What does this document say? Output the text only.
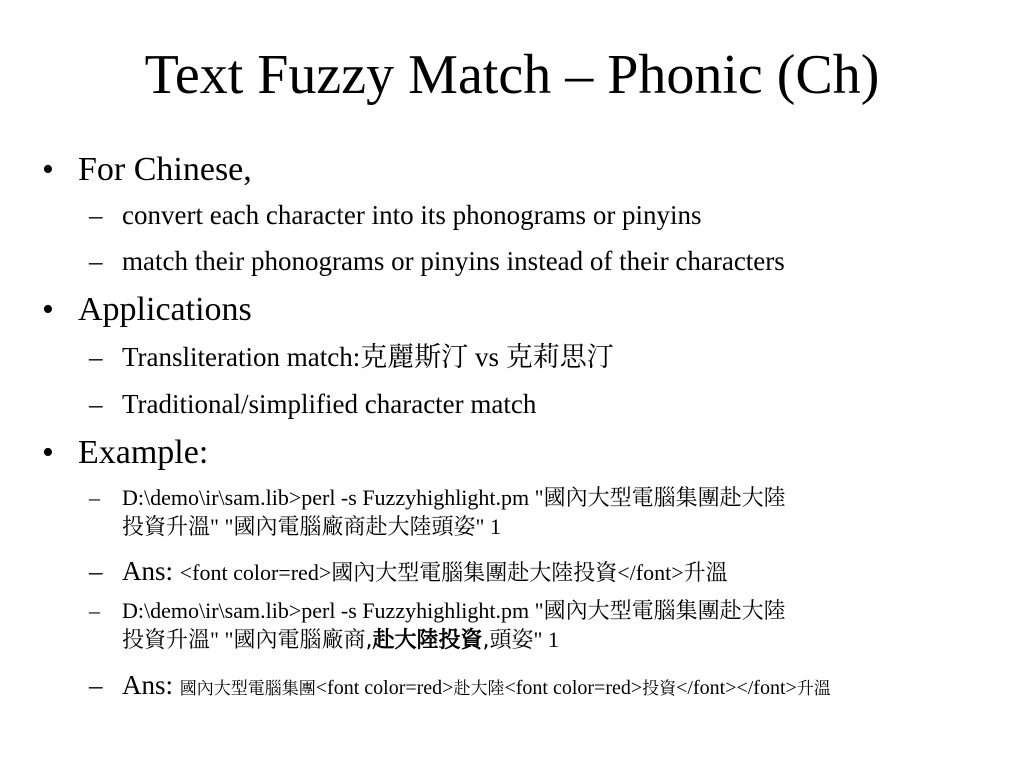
Text Fuzzy Match – Phonic (Ch)
• For Chinese,
– convert each character into its phonograms or pinyins
– match their phonograms or pinyins instead of their characters
• Applications
– Transliteration match:克麗斯汀 vs 克莉思汀
– Traditional/simplified character match
• Example:
– D:\demo\ir\sam.lib>perl -s Fuzzyhighlight.pm "國內大型電腦集團赴大陸
投資升溫" "國內電腦廠商赴大陸頭姿" 1
– Ans: <font color=red>國內大型電腦集團赴大陸投資</font>升溫
– D:\demo\ir\sam.lib>perl -s Fuzzyhighlight.pm "國內大型電腦集團赴大陸
投資升溫" "國內電腦廠商,赴大陸投資,頭姿" 1
– Ans: 國內大型電腦集團<font color=red>赴大陸<font color=red>投資</font></font>升溫
